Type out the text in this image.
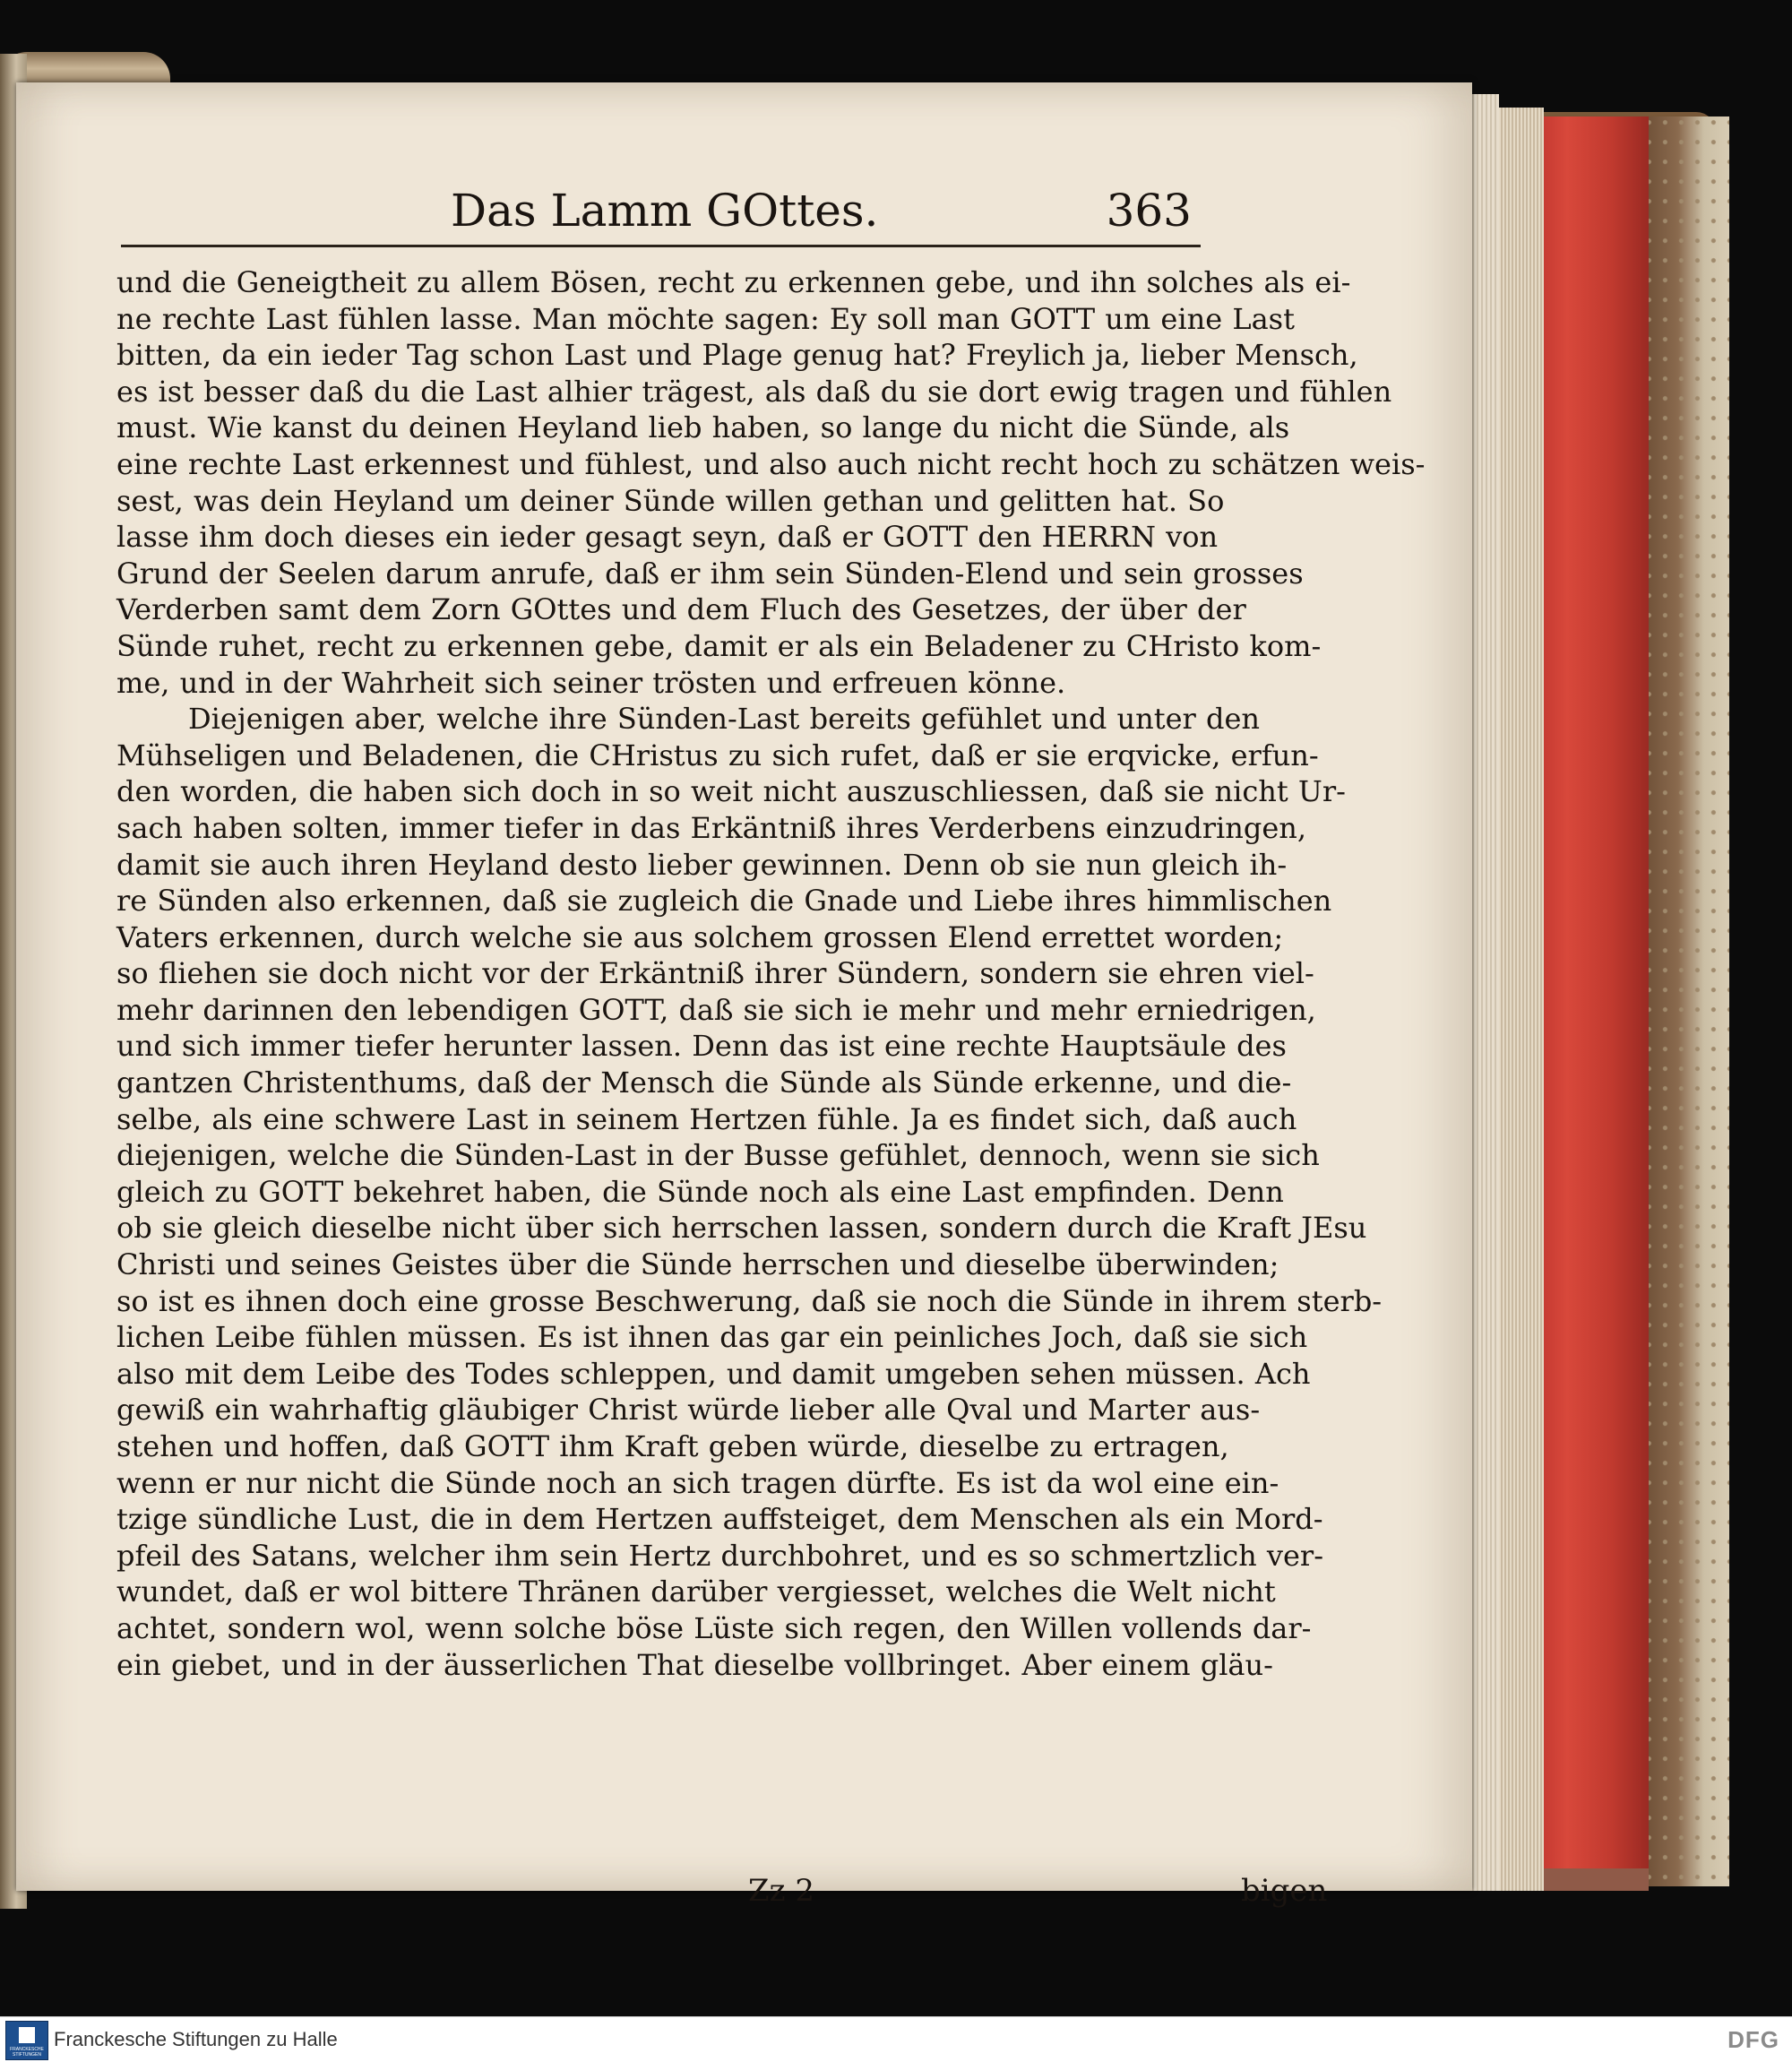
Das Lamm GOttes.	363
und die Geneigtheit zu allem Bösen, recht zu erkennen gebe, und ihn solches als ei-
ne rechte Last fühlen lasse. Man möchte sagen: Ey soll man GOTT um eine Last
bitten, da ein ieder Tag schon Last und Plage genug hat? Freylich ja, lieber Mensch,
es ist besser daß du die Last alhier trägest, als daß du sie dort ewig tragen und fühlen
must. Wie kanst du deinen Heyland lieb haben, so lange du nicht die Sünde, als
eine rechte Last erkennest und fühlest, und also auch nicht recht hoch zu schätzen weis-
sest, was dein Heyland um deiner Sünde willen gethan und gelitten hat. So
lasse ihm doch dieses ein ieder gesagt seyn, daß er GOTT den HERRN von
Grund der Seelen darum anrufe, daß er ihm sein Sünden-Elend und sein grosses
Verderben samt dem Zorn GOttes und dem Fluch des Gesetzes, der über der
Sünde ruhet, recht zu erkennen gebe, damit er als ein Beladener zu CHristo kom-
me, und in der Wahrheit sich seiner trösten und erfreuen könne.
Diejenigen aber, welche ihre Sünden-Last bereits gefühlet und unter den
Mühseligen und Beladenen, die CHristus zu sich rufet, daß er sie erqvicke, erfun-
den worden, die haben sich doch in so weit nicht auszuschliessen, daß sie nicht Ur-
sach haben solten, immer tiefer in das Erkäntniß ihres Verderbens einzudringen,
damit sie auch ihren Heyland desto lieber gewinnen. Denn ob sie nun gleich ih-
re Sünden also erkennen, daß sie zugleich die Gnade und Liebe ihres himmlischen
Vaters erkennen, durch welche sie aus solchem grossen Elend errettet worden;
so fliehen sie doch nicht vor der Erkäntniß ihrer Sündern, sondern sie ehren viel-
mehr darinnen den lebendigen GOTT, daß sie sich ie mehr und mehr erniedrigen,
und sich immer tiefer herunter lassen. Denn das ist eine rechte Hauptsäule des
gantzen Christenthums, daß der Mensch die Sünde als Sünde erkenne, und die-
selbe, als eine schwere Last in seinem Hertzen fühle. Ja es findet sich, daß auch
diejenigen, welche die Sünden-Last in der Busse gefühlet, dennoch, wenn sie sich
gleich zu GOTT bekehret haben, die Sünde noch als eine Last empfinden. Denn
ob sie gleich dieselbe nicht über sich herrschen lassen, sondern durch die Kraft JEsu
Christi und seines Geistes über die Sünde herrschen und dieselbe überwinden;
so ist es ihnen doch eine grosse Beschwerung, daß sie noch die Sünde in ihrem sterb-
lichen Leibe fühlen müssen. Es ist ihnen das gar ein peinliches Joch, daß sie sich
also mit dem Leibe des Todes schleppen, und damit umgeben sehen müssen. Ach
gewiß ein wahrhaftig gläubiger Christ würde lieber alle Qval und Marter aus-
stehen und hoffen, daß GOTT ihm Kraft geben würde, dieselbe zu ertragen,
wenn er nur nicht die Sünde noch an sich tragen dürfte. Es ist da wol eine ein-
tzige sündliche Lust, die in dem Hertzen auffsteiget, dem Menschen als ein Mord-
pfeil des Satans, welcher ihm sein Hertz durchbohret, und es so schmertzlich ver-
wundet, daß er wol bittere Thränen darüber vergiesset, welches die Welt nicht
achtet, sondern wol, wenn solche böse Lüste sich regen, den Willen vollends dar-
ein giebet, und in der äusserlichen That dieselbe vollbringet. Aber einem gläu-
Zz 2	bigen
FRANCKESCHE STIFTUNGEN
Franckesche Stiftungen zu Halle	DFG
